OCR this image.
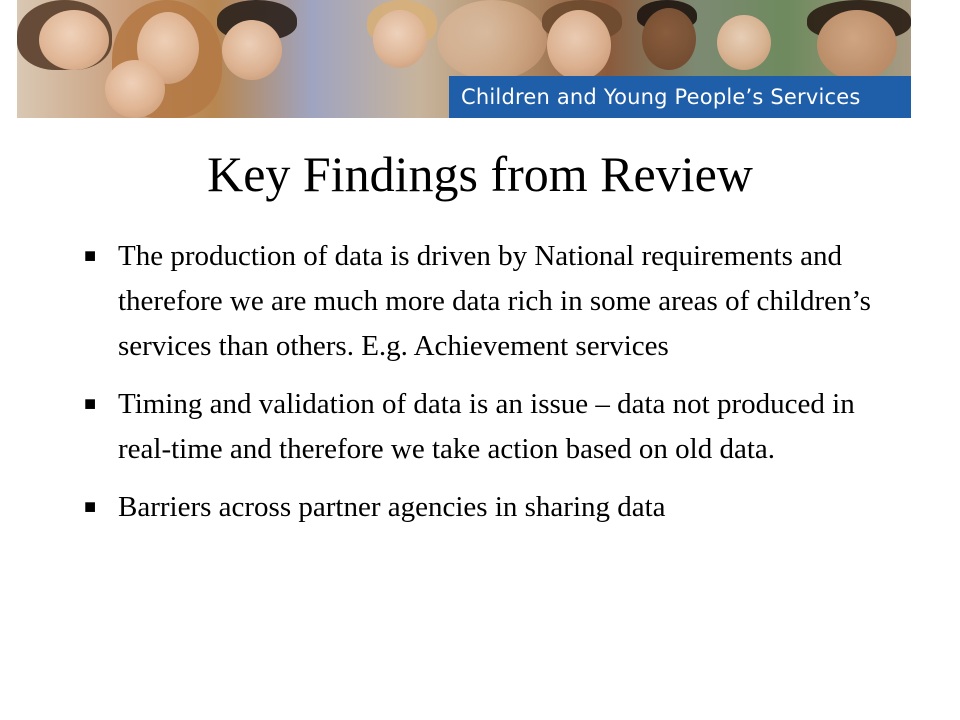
Children and Young People’s Services
Key Findings from Review
■ The production of data is driven by National requirements and therefore we are much more data rich in some areas of children’s services than others. E.g. Achievement services
■ Timing and validation of data is an issue – data not produced in real-time and therefore we take action based on old data.
■ Barriers across partner agencies in sharing data
